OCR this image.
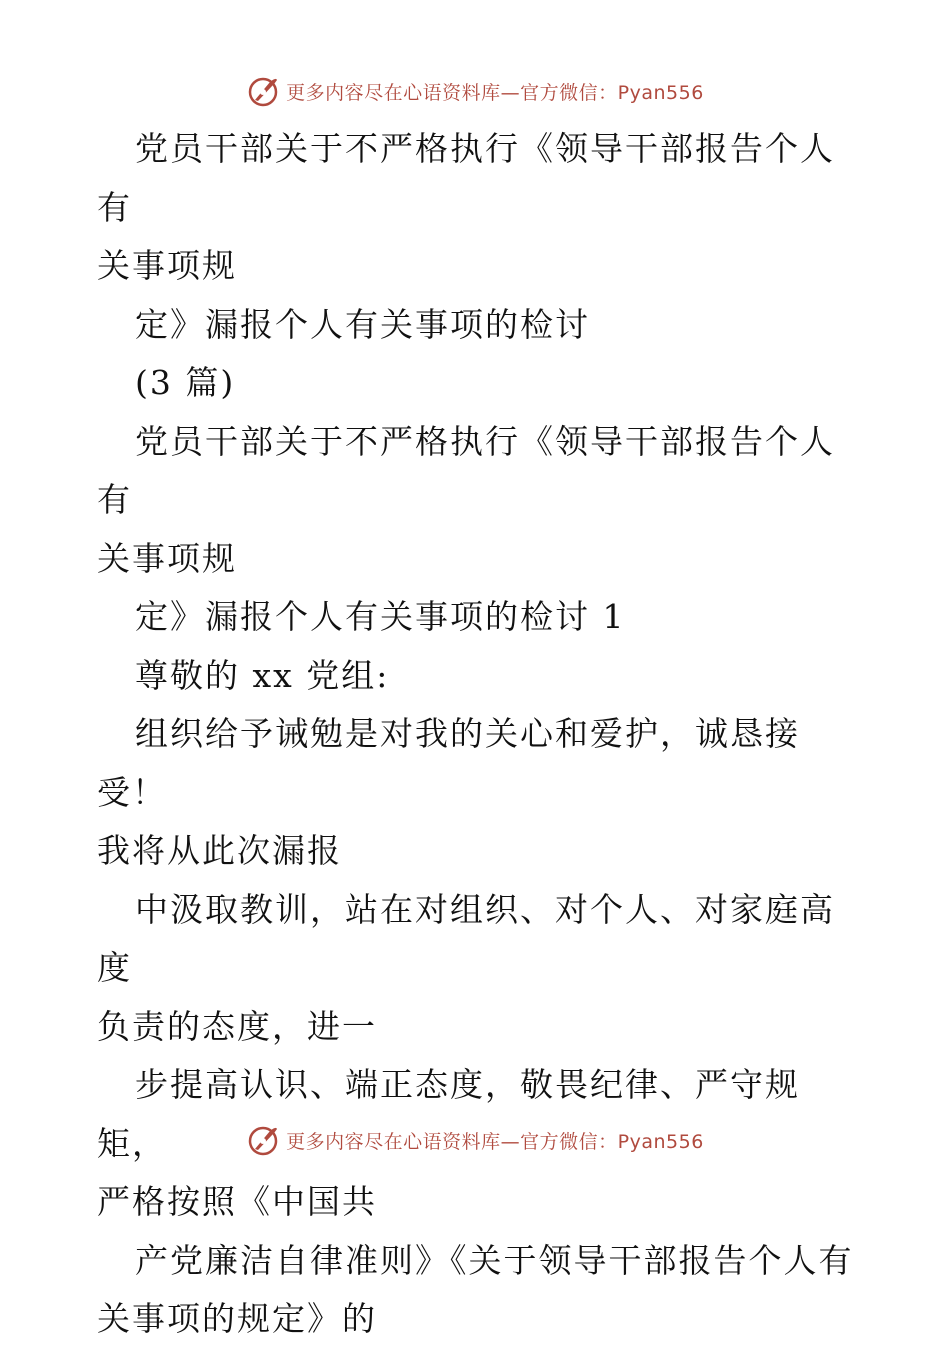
更多内容尽在心语资料库—官方微信：Pyan556

党员干部关于不严格执行《领导干部报告个人有

关事项规

定》漏报个人有关事项的检讨

(3 篇)

党员干部关于不严格执行《领导干部报告个人有

关事项规

定》漏报个人有关事项的检讨 1

尊敬的 xx 党组:

组织给予诫勉是对我的关心和爱护，诚恳接受！

我将从此次漏报

中汲取教训，站在对组织、对个人、对家庭高度

负责的态度，进一

步提高认识、端正态度，敬畏纪律、严守规矩，

严格按照《中国共

产党廉洁自律准则》《关于领导干部报告个人有

关事项的规定》的

更多内容尽在心语资料库—官方微信：Pyan556
